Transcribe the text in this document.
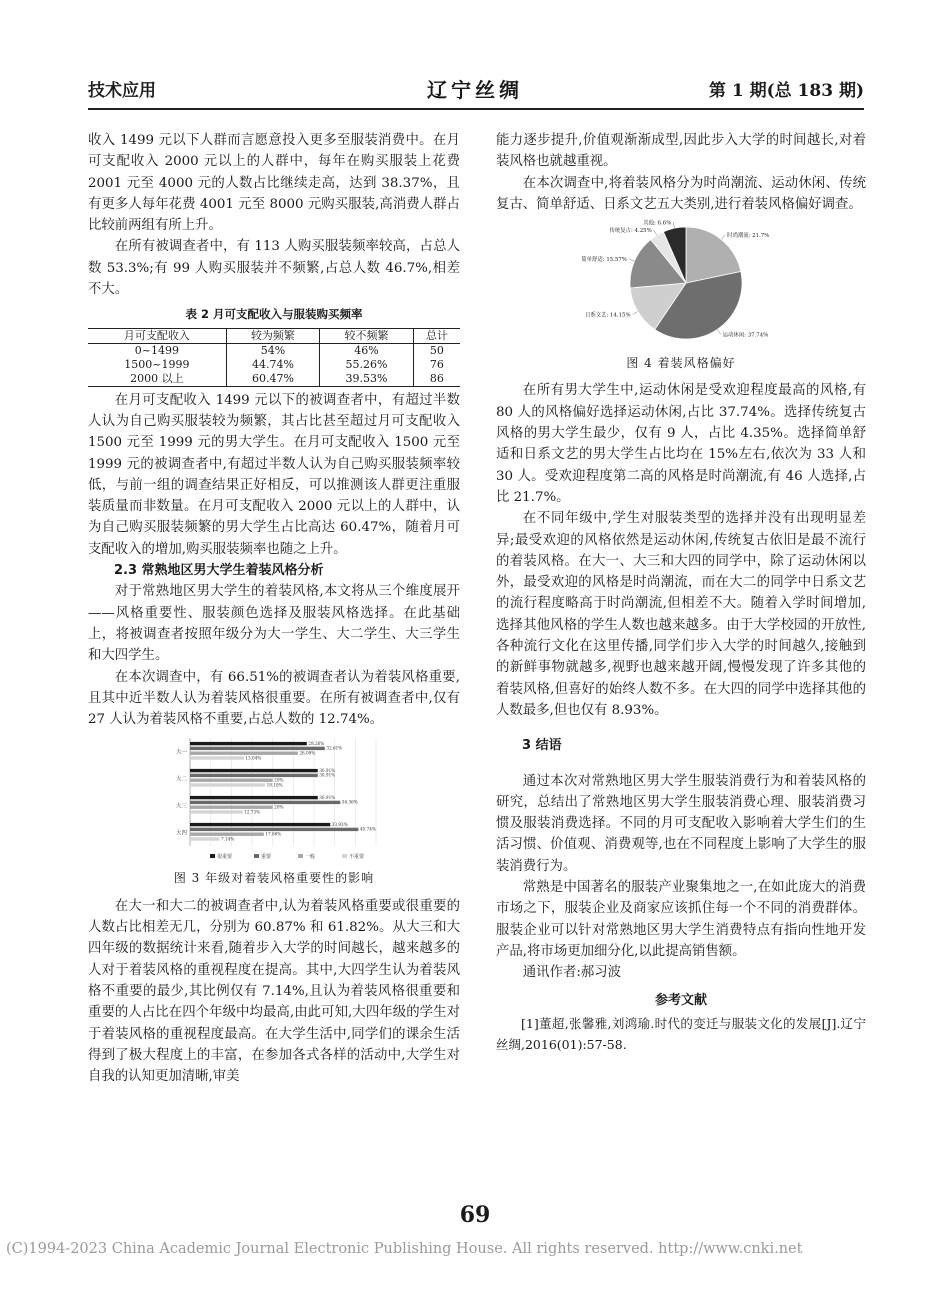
技术应用	辽宁丝绸	第 1 期(总 183 期)

收入 1499 元以下人群而言愿意投入更多至服装消费中。在月可支配收入 2000 元以上的人群中，每年在购买服装上花费 2001 元至 4000 元的人数占比继续走高，达到 38.37%，且有更多人每年花费 4001 元至 8000 元购买服装,高消费人群占比较前两组有所上升。

在所有被调查者中，有 113 人购买服装频率较高，占总人数 53.3%;有 99 人购买服装并不频繁,占总人数 46.7%,相差不大。

表 2 月可支配收入与服装购买频率
月可支配收入	较为频繁	较不频繁	总计
0~1499	54%	46%	50
1500~1999	44.74%	55.26%	76
2000 以上	60.47%	39.53%	86

在月可支配收入 1499 元以下的被调查者中，有超过半数人认为自己购买服装较为频繁，其占比甚至超过月可支配收入 1500 元至 1999 元的男大学生。在月可支配收入 1500 元至 1999 元的被调查者中,有超过半数人认为自己购买服装频率较低，与前一组的调查结果正好相反，可以推测该人群更注重服装质量而非数量。在月可支配收入 2000 元以上的人群中，认为自己购买服装频繁的男大学生占比高达 60.47%，随着月可支配收入的增加,购买服装频率也随之上升。

2.3 常熟地区男大学生着装风格分析

对于常熟地区男大学生的着装风格,本文将从三个维度展开——风格重要性、服装颜色选择及服装风格选择。在此基础上，将被调查者按照年级分为大一学生、大二学生、大三学生和大四学生。

在本次调查中，有 66.51%的被调查者认为着装风格重要,且其中近半数人认为着装风格很重要。在所有被调查者中,仅有 27 人认为着装风格不重要,占总人数的 12.74%。

大一
28.26%
32.61%
26.09%
13.04%
大二
30.91%
30.91%
20%
18.18%
大三
30.91%
36.36%
20%
12.73%
大四
33.93%
40.74%
17.86%
7.14%
很重要	重要	一般	不重要
图 3 年级对着装风格重要性的影响

在大一和大二的被调查者中,认为着装风格重要或很重要的人数占比相差无几，分别为 60.87% 和 61.82%。从大三和大四年级的数据统计来看,随着步入大学的时间越长，越来越多的人对于着装风格的重视程度在提高。其中,大四学生认为着装风格不重要的最少,其比例仅有 7.14%,且认为着装风格很重要和重要的人占比在四个年级中均最高,由此可知,大四年级的学生对于着装风格的重视程度最高。在大学生活中,同学们的课余生活得到了极大程度上的丰富，在参加各式各样的活动中,大学生对自我的认知更加清晰,审美

能力逐步提升,价值观渐渐成型,因此步入大学的时间越长,对着装风格也就越重视。

在本次调查中,将着装风格分为时尚潮流、运动休闲、传统复古、简单舒适、日系文艺五大类别,进行着装风格偏好调查。

时尚潮流: 21.7%
运动休闲: 37.74%
日系文艺: 14.15%
简单舒适: 15.57%
传统复古: 4.25%
其他: 6.6%
图 4 着装风格偏好

在所有男大学生中,运动休闲是受欢迎程度最高的风格,有 80 人的风格偏好选择运动休闲,占比 37.74%。选择传统复古风格的男大学生最少，仅有 9 人，占比 4.35%。选择简单舒适和日系文艺的男大学生占比均在 15%左右,依次为 33 人和 30 人。受欢迎程度第二高的风格是时尚潮流,有 46 人选择,占比 21.7%。

在不同年级中,学生对服装类型的选择并没有出现明显差异;最受欢迎的风格依然是运动休闲,传统复古依旧是最不流行的着装风格。在大一、大三和大四的同学中，除了运动休闲以外，最受欢迎的风格是时尚潮流，而在大二的同学中日系文艺的流行程度略高于时尚潮流,但相差不大。随着入学时间增加,选择其他风格的学生人数也越来越多。由于大学校园的开放性,各种流行文化在这里传播,同学们步入大学的时间越久,接触到的新鲜事物就越多,视野也越来越开阔,慢慢发现了许多其他的着装风格,但喜好的始终人数不多。在大四的同学中选择其他的人数最多,但也仅有 8.93%。

3 结语

通过本次对常熟地区男大学生服装消费行为和着装风格的研究，总结出了常熟地区男大学生服装消费心理、服装消费习惯及服装消费选择。不同的月可支配收入影响着大学生们的生活习惯、价值观、消费观等,也在不同程度上影响了大学生的服装消费行为。

常熟是中国著名的服装产业聚集地之一,在如此庞大的消费市场之下，服装企业及商家应该抓住每一个不同的消费群体。服装企业可以针对常熟地区男大学生消费特点有指向性地开发产品,将市场更加细分化,以此提高销售额。

通讯作者:郝习波

参考文献

[1]董超,张馨雅,刘鸿瑜.时代的变迁与服装文化的发展[J].辽宁丝绸,2016(01):57-58.

69
(C)1994-2023 China Academic Journal Electronic Publishing House. All rights reserved. http://www.cnki.net
